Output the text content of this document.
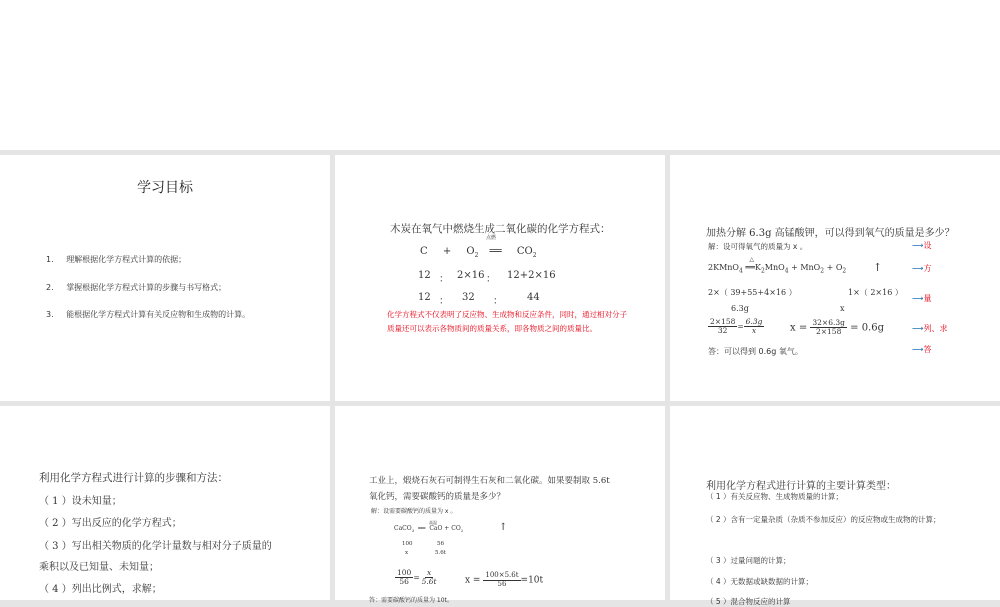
学习目标
1. 理解根据化学方程式计算的依据；
2. 掌握根据化学方程式计算的步骤与书写格式；
3. 能根据化学方程式计算有关反应物和生成物的计算。
木炭在氧气中燃烧生成二氧化碳的化学方程式：
点燃
$C + O_2$ ══ $CO_2$
12 ： 2×16 ： 12+2×16
12 ： 32 ： 44
化学方程式不仅表明了反应物、生成物和反应条件，同时，通过相对分子质量还可以表示各物质间的质量关系，即各物质之间的质量比。
加热分解 6.3g 高锰酸钾，可以得到氧气的质量是多少？
解：设可得氧气的质量为 x 。
2KMnO$_4$
△
$══K_2MnO_4 + MnO_2 + O_2$ ↑
2×（ 39+55+4×16 ）	1×（ 2×16 ）
6.3g	x
$\frac{2\times 158}{32} = \frac{6.3g}{x}$	$x = \frac{32\times 6.3g}{2\times 158} = 0.6g$
答：可以得到 0.6g 氧气。
⟶设
⟶方
⟶量
⟶列、求
⟶答
利用化学方程式进行计算的步骤和方法：
（ 1 ）设未知量；
（ 2 ）写出反应的化学方程式；
（ 3 ）写出相关物质的化学计量数与相对分子质量的
乘积以及已知量、未知量；
（ 4 ）列出比例式，求解；
工业上，煅烧石灰石可制得生石灰和二氧化碳。如果要制取 5.6t
氧化钙，需要碳酸钙的质量是多少？
解：设需要碳酸钙的质量为 x 。
高温
CaCO$_3$ ══ CaO + $CO_2$	↑
100	56
x	5.6t
$\frac{100}{56} = \frac{x}{5.6t}$	$x = \frac{100\times 5.6t}{56} =10t$
答：需要碳酸钙的质量为 10t。
利用化学方程式进行计算的主要计算类型：
（ 1 ）有关反应物、生成物质量的计算；
（ 2 ）含有一定量杂质（杂质不参加反应）的反应物或生成物的计算；
（ 3 ）过量问题的计算；
（ 4 ）无数据或缺数据的计算；
（ 5 ）混合物反应的计算
